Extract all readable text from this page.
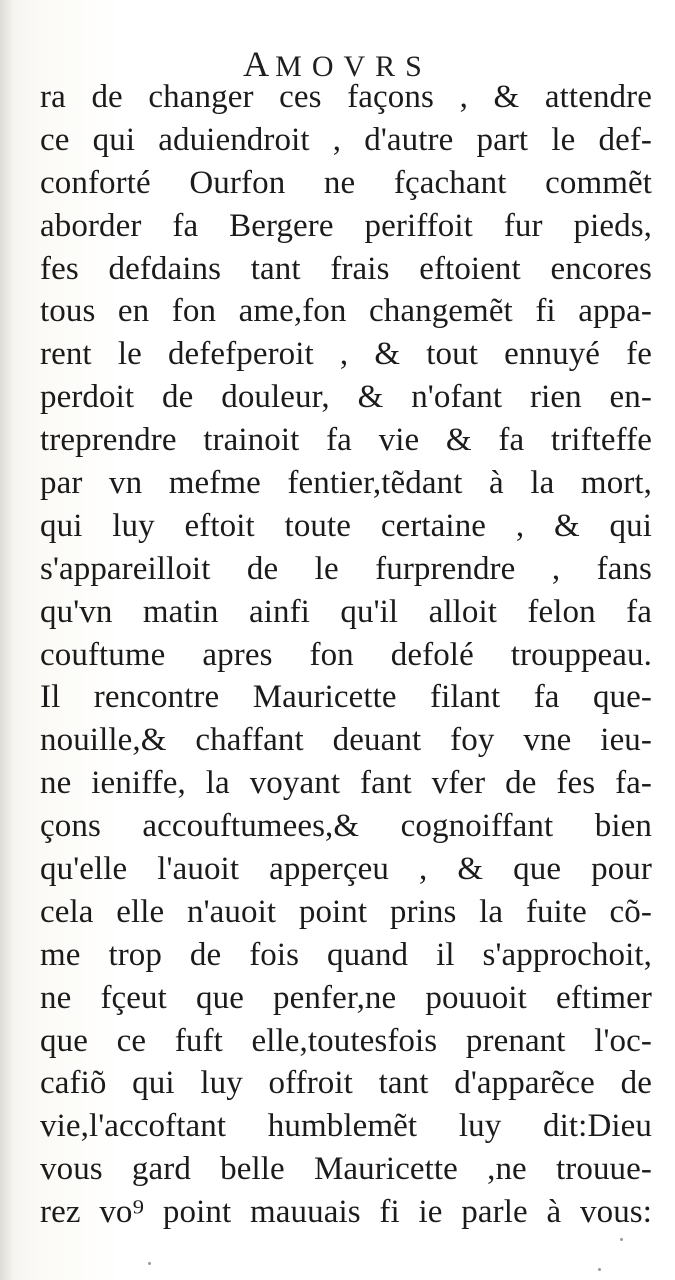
AMOVRS
ra de changer ces façons , & attendre
ce qui aduiendroit , d'autre part le def-
conforté Ourfon ne fçachant commẽt
aborder fa Bergere periffoit fur pieds,
fes defdains tant frais eftoient encores
tous en fon ame,fon changemẽt fi appa-
rent le defefperoit , & tout ennuyé fe
perdoit de douleur, & n'ofant rien en-
treprendre trainoit fa vie & fa trifteffe
par vn mefme fentier,tẽdant à la mort,
qui luy eftoit toute certaine , & qui
s'appareilloit de le furprendre , fans
qu'vn matin ainfi qu'il alloit felon fa
couftume apres fon defolé trouppeau.
Il rencontre Mauricette filant fa que-
nouille,& chaffant deuant foy vne ieu-
ne ieniffe, la voyant fant vfer de fes fa-
çons accouftumees,& cognoiffant bien
qu'elle l'auoit apperçeu , & que pour
cela elle n'auoit point prins la fuite cõ-
me trop de fois quand il s'approchoit,
ne fçeut que penfer,ne pouuoit eftimer
que ce fuft elle,toutesfois prenant l'oc-
cafiõ qui luy offroit tant d'apparẽce de
vie,l'accoftant humblemẽt luy dit:Dieu
vous gard belle Mauricette ,ne trouue-
rez vo⁹ point mauuais fi ie parle à vous:
